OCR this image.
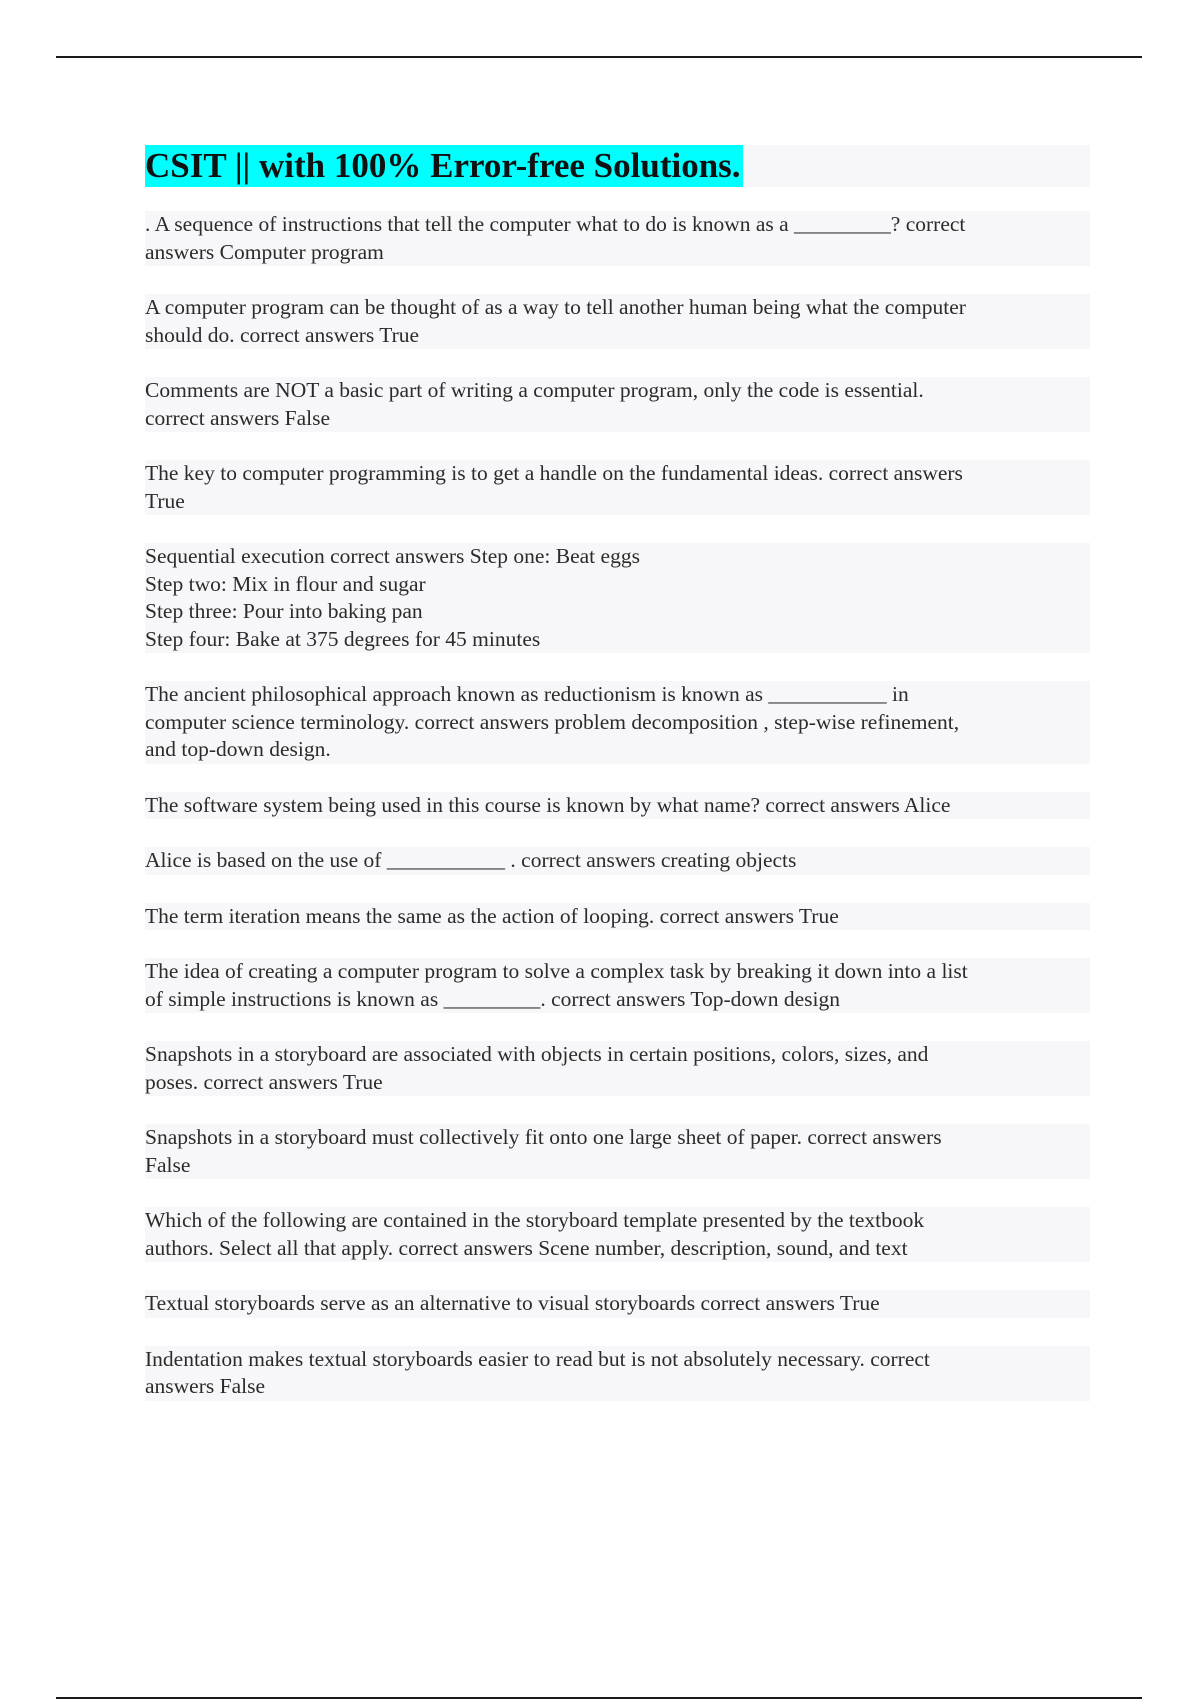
CSIT || with 100% Error-free Solutions.

. A sequence of instructions that tell the computer what to do is known as a _________? correct
answers Computer program

A computer program can be thought of as a way to tell another human being what the computer
should do. correct answers True

Comments are NOT a basic part of writing a computer program, only the code is essential.
correct answers False

The key to computer programming is to get a handle on the fundamental ideas. correct answers
True

Sequential execution correct answers Step one: Beat eggs
Step two: Mix in flour and sugar
Step three: Pour into baking pan
Step four: Bake at 375 degrees for 45 minutes

The ancient philosophical approach known as reductionism is known as ___________ in
computer science terminology. correct answers problem decomposition , step-wise refinement,
and top-down design.

The software system being used in this course is known by what name? correct answers Alice

Alice is based on the use of ___________ . correct answers creating objects

The term iteration means the same as the action of looping. correct answers True

The idea of creating a computer program to solve a complex task by breaking it down into a list
of simple instructions is known as _________. correct answers Top-down design

Snapshots in a storyboard are associated with objects in certain positions, colors, sizes, and
poses. correct answers True

Snapshots in a storyboard must collectively fit onto one large sheet of paper. correct answers
False

Which of the following are contained in the storyboard template presented by the textbook
authors. Select all that apply. correct answers Scene number, description, sound, and text

Textual storyboards serve as an alternative to visual storyboards correct answers True

Indentation makes textual storyboards easier to read but is not absolutely necessary. correct
answers False
